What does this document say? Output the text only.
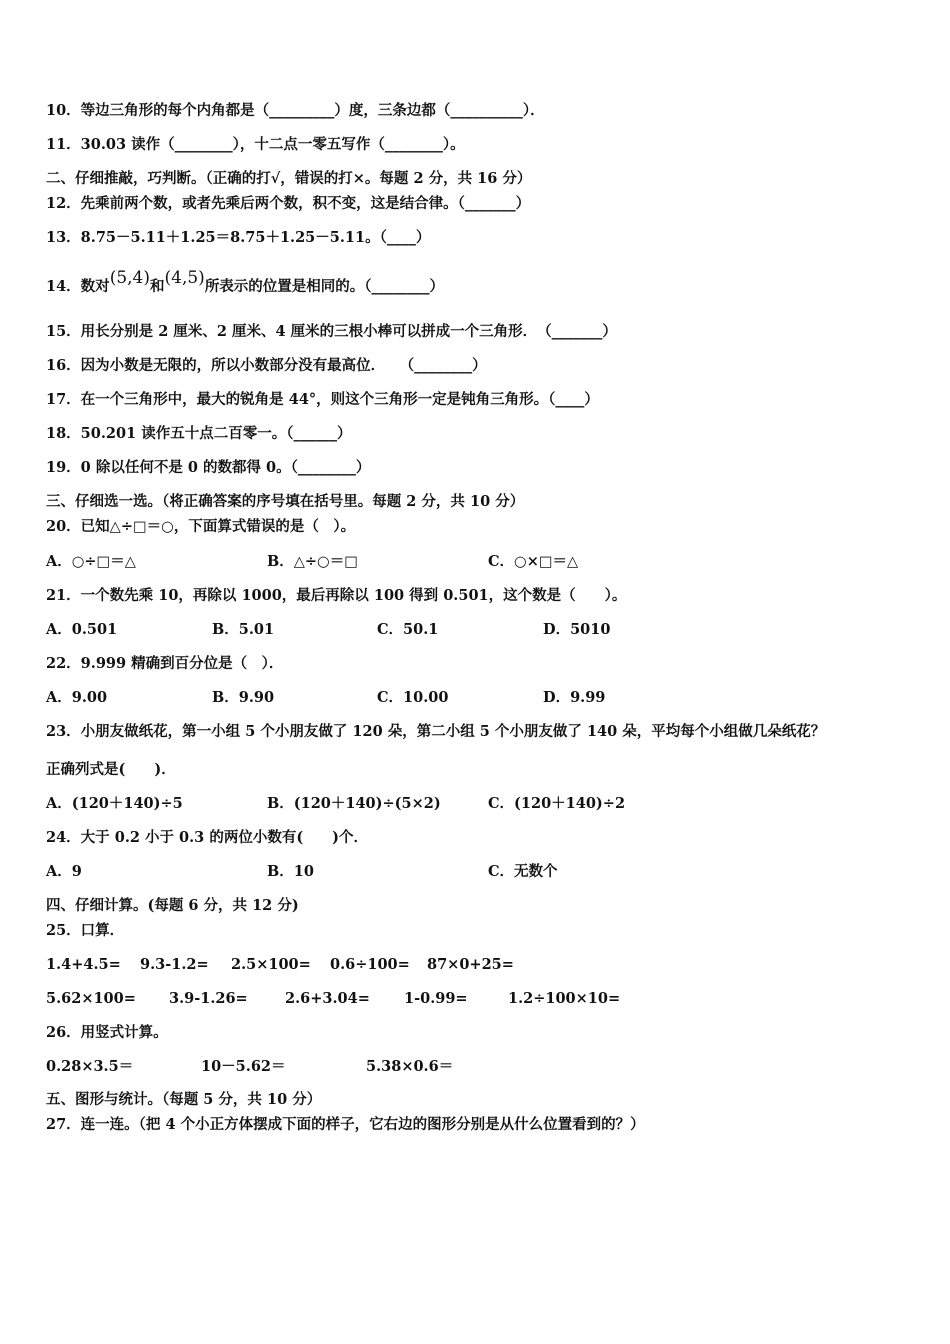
10．等边三角形的每个内角都是（_________）度，三条边都（__________）．
11．30.03 读作（________），十二点一零五写作（________）。
二、仔细推敲，巧判断。（正确的打√，错误的打×。每题 2 分，共 16 分）
12．先乘前两个数，或者先乘后两个数，积不变，这是结合律。（_______）
13．8.75－5.11＋1.25＝8.75＋1.25－5.11。（____）
14．数对(5,4)和(4,5)所表示的位置是相同的。（________）
15．用长分别是 2 厘米、2 厘米、4 厘米的三根小棒可以拼成一个三角形．　（_______）
16．因为小数是无限的，所以小数部分没有最高位．　　（________）
17．在一个三角形中，最大的锐角是 44°，则这个三角形一定是钝角三角形。（____）
18．50.201 读作五十点二百零一。（______）
19．0 除以任何不是 0 的数都得 0。（________）
三、仔细选一选。（将正确答案的序号填在括号里。每题 2 分，共 10 分）
20．已知△÷□＝○，下面算式错误的是（　）。
A．○÷□＝△	B．△÷○＝□	C．○×□＝△
21．一个数先乘 10，再除以 1000，最后再除以 100 得到 0.501，这个数是（　　）。
A．0.501	B．5.01	C．50.1	D．5010
22．9.999 精确到百分位是（　）．
A．9.00	B．9.90	C．10.00	D．9.99
23．小朋友做纸花，第一小组 5 个小朋友做了 120 朵，第二小组 5 个小朋友做了 140 朵，平均每个小组做几朵纸花？
正确列式是(　　)．
A．(120＋140)÷5	B．(120＋140)÷(5×2)	C．(120＋140)÷2
24．大于 0.2 小于 0.3 的两位小数有(　　)个．
A．9	B．10	C．无数个
四、仔细计算。(每题 6 分，共 12 分)
25．口算．
1.4+4.5= 9.3-1.2= 2.5×100= 0.6÷100= 87×0+25=
5.62×100= 3.9-1.26=	2.6+3.04= 1-0.99=	1.2÷100×10=
26．用竖式计算。
0.28×3.5＝	10－5.62＝	5.38×0.6＝
五、图形与统计。（每题 5 分，共 10 分）
27．连一连。（把 4 个小正方体摆成下面的样子，它右边的图形分别是从什么位置看到的？）
